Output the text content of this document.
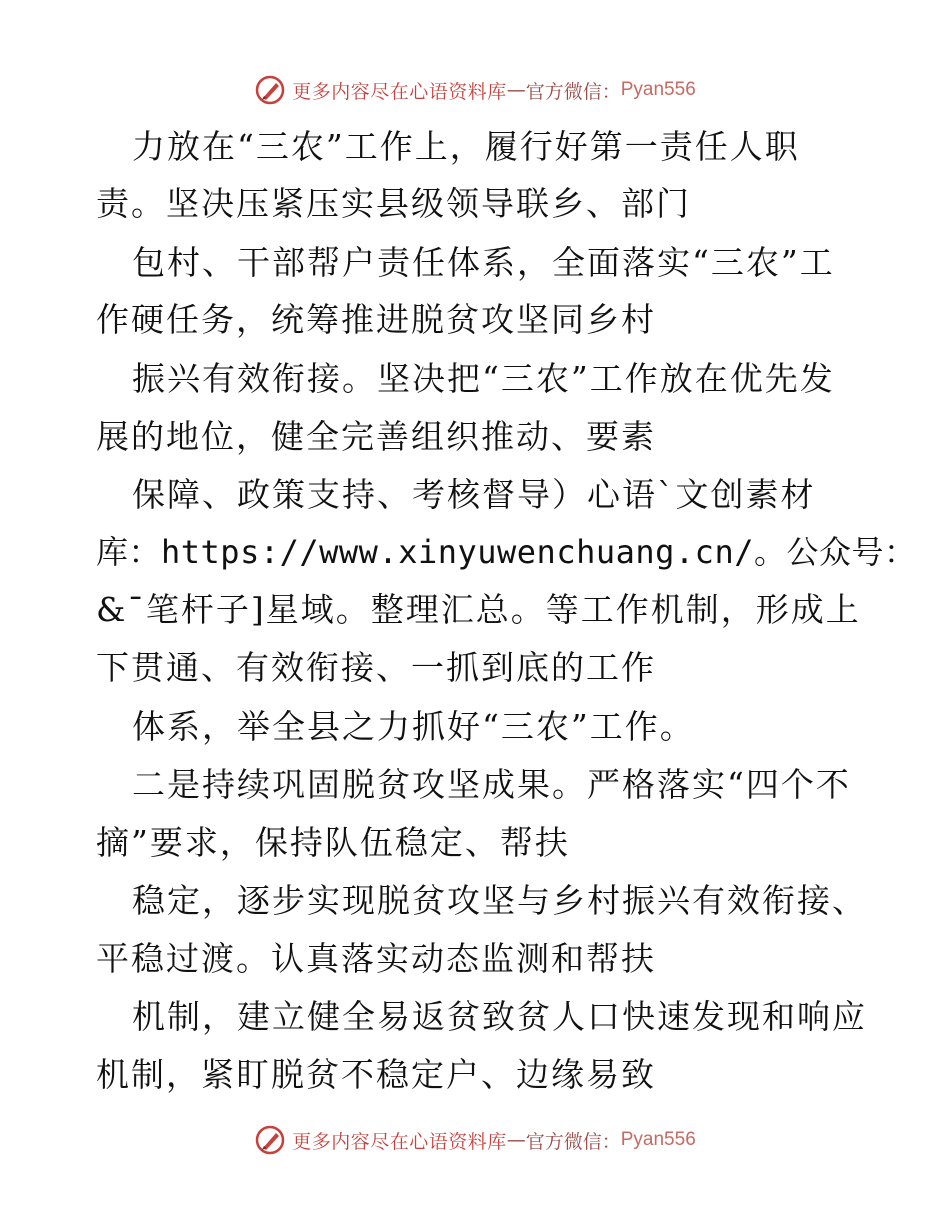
更多内容尽在心语资料库 — 官方微信： Pyan556
力放在“三农”工作上，履行好第一责任人职
责。坚决压紧压实县级领导联乡、部门
包村、干部帮户责任体系，全面落实“三农”工
作硬任务，统筹推进脱贫攻坚同乡村
振兴有效衔接。坚决把“三农”工作放在优先发
展的地位，健全完善组织推动、要素
保障、政策支持、考核督导）心语`文创素材
库：https://www.xinyuwenchuang.cn/。公众号：
&¯笔杆子]星域。整理汇总。等工作机制，形成上
下贯通、有效衔接、一抓到底的工作
体系，举全县之力抓好“三农”工作。
二是持续巩固脱贫攻坚成果。严格落实“四个不
摘”要求，保持队伍稳定、帮扶
稳定，逐步实现脱贫攻坚与乡村振兴有效衔接、
平稳过渡。认真落实动态监测和帮扶
机制，建立健全易返贫致贫人口快速发现和响应
机制，紧盯脱贫不稳定户、边缘易致
更多内容尽在心语资料库 — 官方微信： Pyan556
